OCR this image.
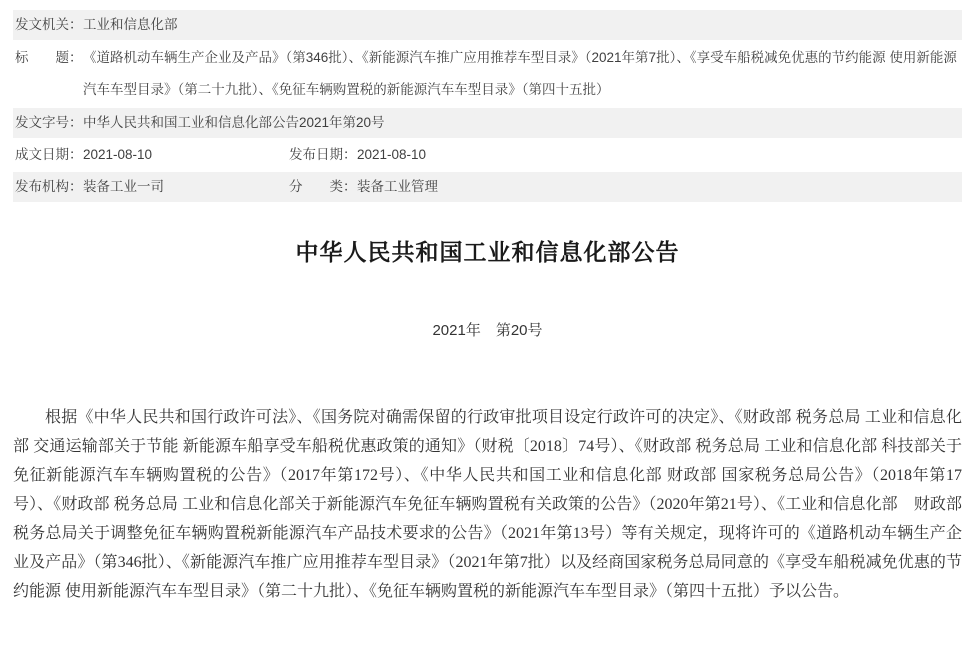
发文机关： 工业和信息化部
标　　题： 《道路机动车辆生产企业及产品》（第346批）、《新能源汽车推广应用推荐车型目录》（2021年第7批）、《享受车船税减免优惠的节约能源 使用新能源汽车车型目录》（第二十九批）、《免征车辆购置税的新能源汽车车型目录》（第四十五批）
发文字号： 中华人民共和国工业和信息化部公告2021年第20号
成文日期： 2021-08-10	发布日期： 2021-08-10
发布机构： 装备工业一司	分　　类： 装备工业管理
中华人民共和国工业和信息化部公告
2021年　第20号

根据《中华人民共和国行政许可法》、《国务院对确需保留的行政审批项目设定行政许可的决定》、《财政部 税务总局 工业和信息化部 交通运输部关于节能 新能源车船享受车船税优惠政策的通知》（财税〔2018〕74号）、《财政部 税务总局 工业和信息化部 科技部关于免征新能源汽车车辆购置税的公告》（2017年第172号）、《中华人民共和国工业和信息化部 财政部 国家税务总局公告》（2018年第17号）、《财政部 税务总局 工业和信息化部关于新能源汽车免征车辆购置税有关政策的公告》（2020年第21号）、《工业和信息化部　财政部 税务总局关于调整免征车辆购置税新能源汽车产品技术要求的公告》（2021年第13号）等有关规定，现将许可的《道路机动车辆生产企业及产品》（第346批）、《新能源汽车推广应用推荐车型目录》（2021年第7批）以及经商国家税务总局同意的《享受车船税减免优惠的节约能源 使用新能源汽车车型目录》（第二十九批）、《免征车辆购置税的新能源汽车车型目录》（第四十五批）予以公告。
